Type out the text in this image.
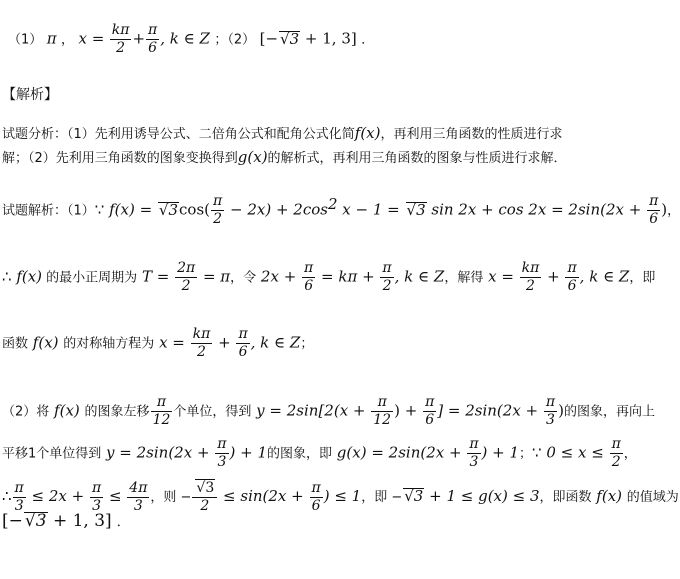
（1） π ， $x = \frac{k\pi}{2} + \frac{\pi}{6}$ , k ∈ Z ；（2） [− √3 + 1, 3] ．
【解析】
试题分析：（1）先利用诱导公式、二倍角公式和配角公式化简f(x)，再利用三角函数的性质进行求
解；（2）先利用三角函数的图象变换得到g(x)的解析式，再利用三角函数的图象与性质进行求解．
试题解析：（1）∵ $f(x) = √3\cos( \frac{\pi}{2} - 2x) + 2\cos^2$ x − 1 = √3 $\sin 2x + \cos 2x = 2\sin(2x + \frac{\pi}{6}$ )，
∴ f(x) 的最小正周期为 $T = \frac{2\pi}{2} = \pi$，令 $2x + \frac{\pi}{6} = k\pi + \frac{\pi}{2}$ , k ∈ Z，解得 $x = \frac{k\pi}{2} + \frac{\pi}{6}$ , k ∈ Z，即
函数 f(x) 的对称轴方程为 $x = \frac{k\pi}{2} + \frac{\pi}{6}$ , k ∈ Z；
（2）将 f(x) 的图象左移 $\frac{\pi}{12}$ 个单位，得到 $y = 2\sin[2(x + \frac{\pi}{12}$ ) + $\frac{\pi}{6}$ ] = $2\sin(2x + \frac{\pi}{3}$ )的图象，再向上
平移1个单位得到 $y = 2\sin(2x + \frac{\pi}{3}$ ) + 1的图象，即 $g(x) = 2\sin(2x + \frac{\pi}{3}$ ) + 1；∵ $0 \le x \le \frac{\pi}{2}$ ，
∴ $\frac{\pi}{3} \le 2x + \frac{\pi}{3} \le \frac{4\pi}{3}$ ，则 − $\frac{√3}{2} \le \sin(2x + \frac{\pi}{6}$ ) ≤ 1，即 − √3 + 1 ≤ g(x) ≤ 3，即函数 f(x) 的值域为
[− √3 + 1, 3] ．
